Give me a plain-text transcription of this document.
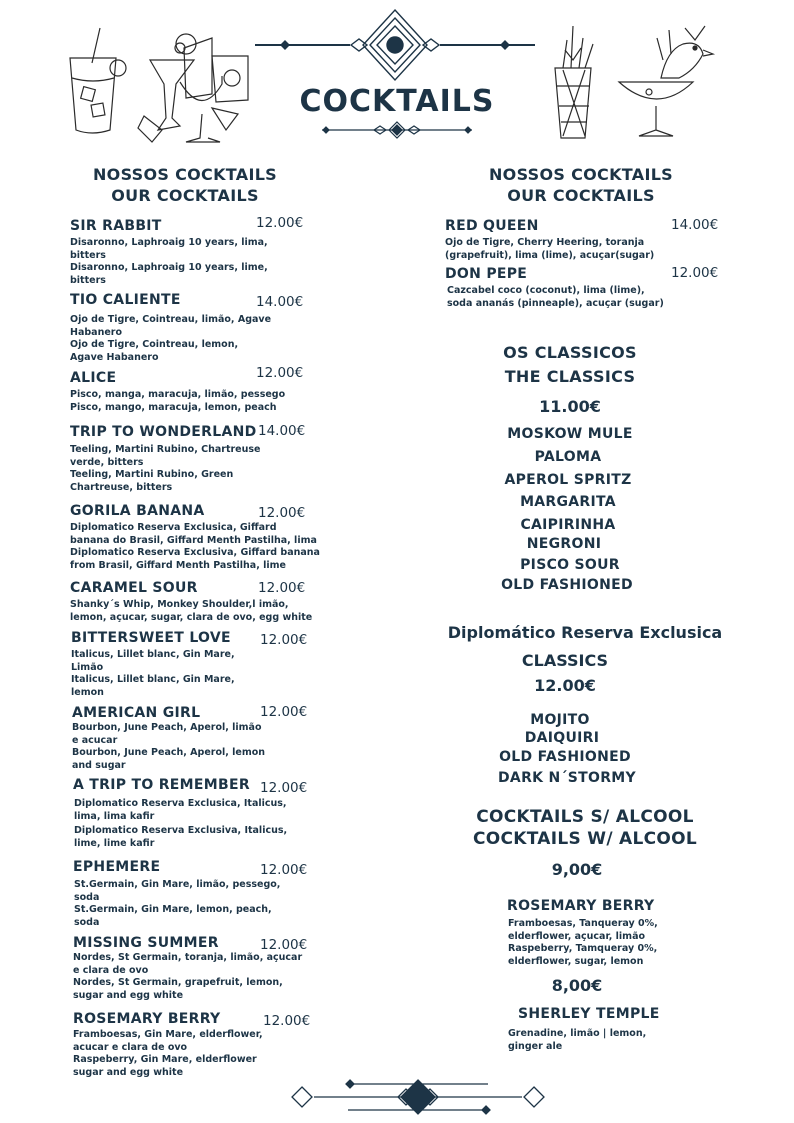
COCKTAILS
NOSSOS COCKTAILS
OUR COCKTAILS
SIR RABBIT	12.00€
Disaronno, Laphroaig 10 years, lima,
bitters
Disaronno, Laphroaig 10 years, lime,
bitters
TIO CALIENTE	14.00€
Ojo de Tigre, Cointreau, limão, Agave
Habanero
Ojo de Tigre, Cointreau, lemon,
Agave Habanero
ALICE	12.00€
Pisco, manga, maracuja, limão, pessego
Pisco, mango, maracuja, lemon, peach
TRIP TO WONDERLAND 14.00€
Teeling, Martini Rubino, Chartreuse
verde, bitters
Teeling, Martini Rubino, Green
Chartreuse, bitters
GORILA BANANA	12.00€
Diplomatico Reserva Exclusica, Giffard
banana do Brasil, Giffard Menth Pastilha, lima
Diplomatico Reserva Exclusiva, Giffard banana
from Brasil, Giffard Menth Pastilha, lime
CARAMEL SOUR	12.00€
Shanky´s Whip, Monkey Shoulder,l imão,
lemon, açucar, sugar, clara de ovo, egg white
BITTERSWEET LOVE 12.00€
Italicus, Lillet blanc, Gin Mare,
Limão
Italicus, Lillet blanc, Gin Mare,
lemon
AMERICAN GIRL	12.00€
Bourbon, June Peach, Aperol, limão
e acucar
Bourbon, June Peach, Aperol, lemon
and sugar
A TRIP TO REMEMBER 12.00€
Diplomatico Reserva Exclusica, Italicus,
lima, lima kafir
Diplomatico Reserva Exclusiva, Italicus,
lime, lime kafir
EPHEMERE	12.00€
St.Germain, Gin Mare, limão, pessego,
soda
St.Germain, Gin Mare, lemon, peach,
soda
MISSING SUMMER	12.00€
Nordes, St Germain, toranja, limão, açucar
e clara de ovo
Nordes, St Germain, grapefruit, lemon,
sugar and egg white
ROSEMARY BERRY	12.00€
Framboesas, Gin Mare, elderflower,
acucar e clara de ovo
Raspeberry, Gin Mare, elderflower
sugar and egg white
NOSSOS COCKTAILS
OUR COCKTAILS
RED QUEEN	14.00€
Ojo de Tigre, Cherry Heering, toranja
(grapefruit), lima (lime), acuçar(sugar)
DON PEPE	12.00€
Cazcabel coco (coconut), lima (lime),
soda ananás (pinneaple), acuçar (sugar)
OS CLASSICOS
THE CLASSICS
11.00€
MOSKOW MULE
PALOMA
APEROL SPRITZ
MARGARITA
CAIPIRINHA
NEGRONI
PISCO SOUR
OLD FASHIONED
Diplomático Reserva Exclusica
CLASSICS
12.00€
MOJITO
DAIQUIRI
OLD FASHIONED
DARK N´STORMY
COCKTAILS S/ ALCOOL
COCKTAILS W/ ALCOOL
9,00€
ROSEMARY BERRY
Framboesas, Tanqueray 0%,
elderflower, açucar, limão
Raspeberry, Tamqueray 0%,
elderflower, sugar, lemon
8,00€
SHERLEY TEMPLE
Grenadine, limão | lemon,
ginger ale
